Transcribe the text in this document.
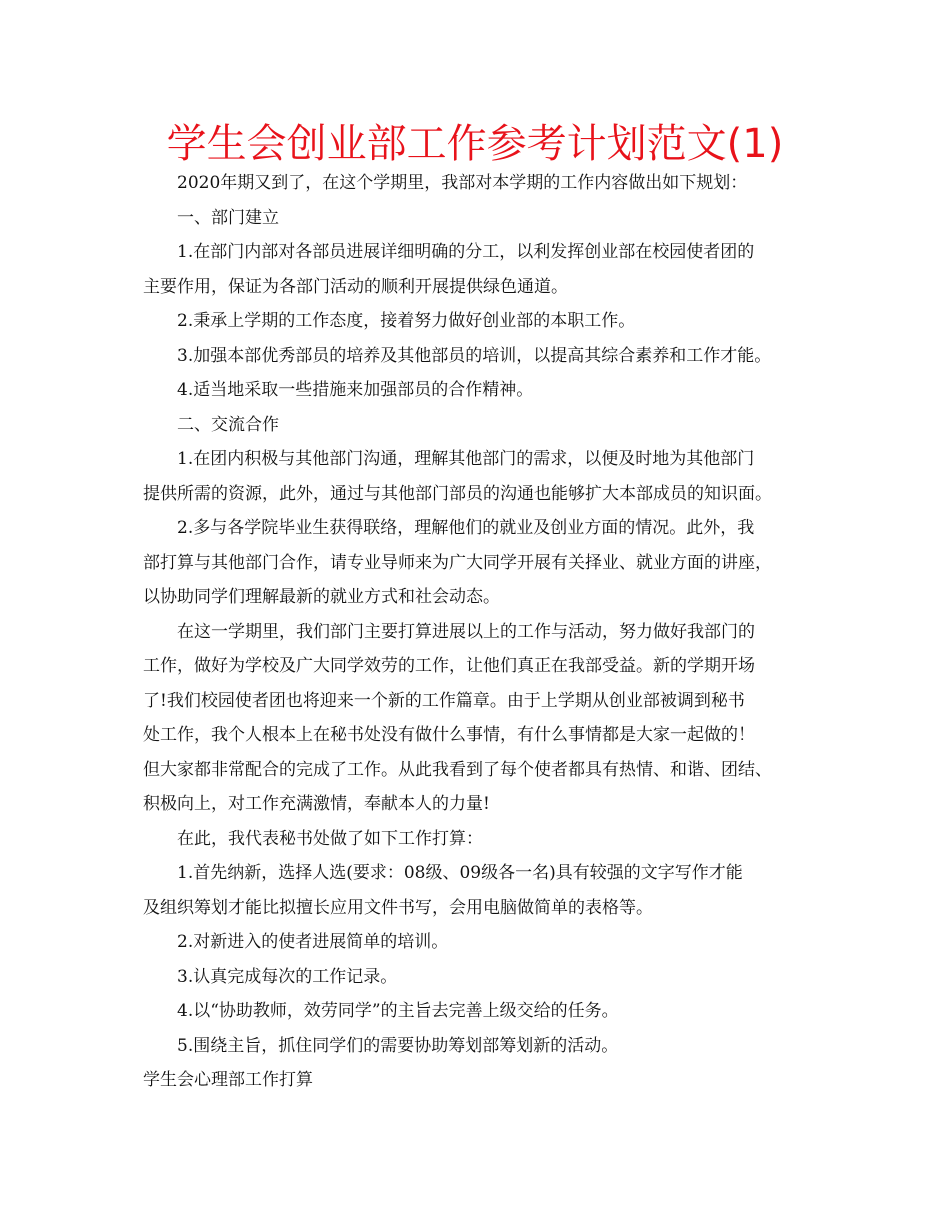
学生会创业部工作参考计划范文(1)

2020年期又到了，在这个学期里，我部对本学期的工作内容做出如下规划：

一、部门建立

1.在部门内部对各部员进展详细明确的分工，以利发挥创业部在校园使者团的

主要作用，保证为各部门活动的顺利开展提供绿色通道。

2.秉承上学期的工作态度，接着努力做好创业部的本职工作。

3.加强本部优秀部员的培养及其他部员的培训，以提高其综合素养和工作才能。

4.适当地采取一些措施来加强部员的合作精神。

二、交流合作

1.在团内积极与其他部门沟通，理解其他部门的需求，以便及时地为其他部门

提供所需的资源，此外，通过与其他部门部员的沟通也能够扩大本部成员的知识面。

2.多与各学院毕业生获得联络，理解他们的就业及创业方面的情况。此外，我

部打算与其他部门合作，请专业导师来为广大同学开展有关择业、就业方面的讲座，

以协助同学们理解最新的就业方式和社会动态。

在这一学期里，我们部门主要打算进展以上的工作与活动，努力做好我部门的

工作，做好为学校及广大同学效劳的工作，让他们真正在我部受益。新的学期开场

了!我们校园使者团也将迎来一个新的工作篇章。由于上学期从创业部被调到秘书

处工作，我个人根本上在秘书处没有做什么事情，有什么事情都是大家一起做的！

但大家都非常配合的完成了工作。从此我看到了每个使者都具有热情、和谐、团结、

积极向上，对工作充满激情，奉献本人的力量!

在此，我代表秘书处做了如下工作打算：

1.首先纳新，选择人选(要求：08级、09级各一名)具有较强的文字写作才能

及组织筹划才能比拟擅长应用文件书写，会用电脑做简单的表格等。

2.对新进入的使者进展简单的培训。

3.认真完成每次的工作记录。

4.以“协助教师，效劳同学”的主旨去完善上级交给的任务。

5.围绕主旨，抓住同学们的需要协助筹划部筹划新的活动。

学生会心理部工作打算
